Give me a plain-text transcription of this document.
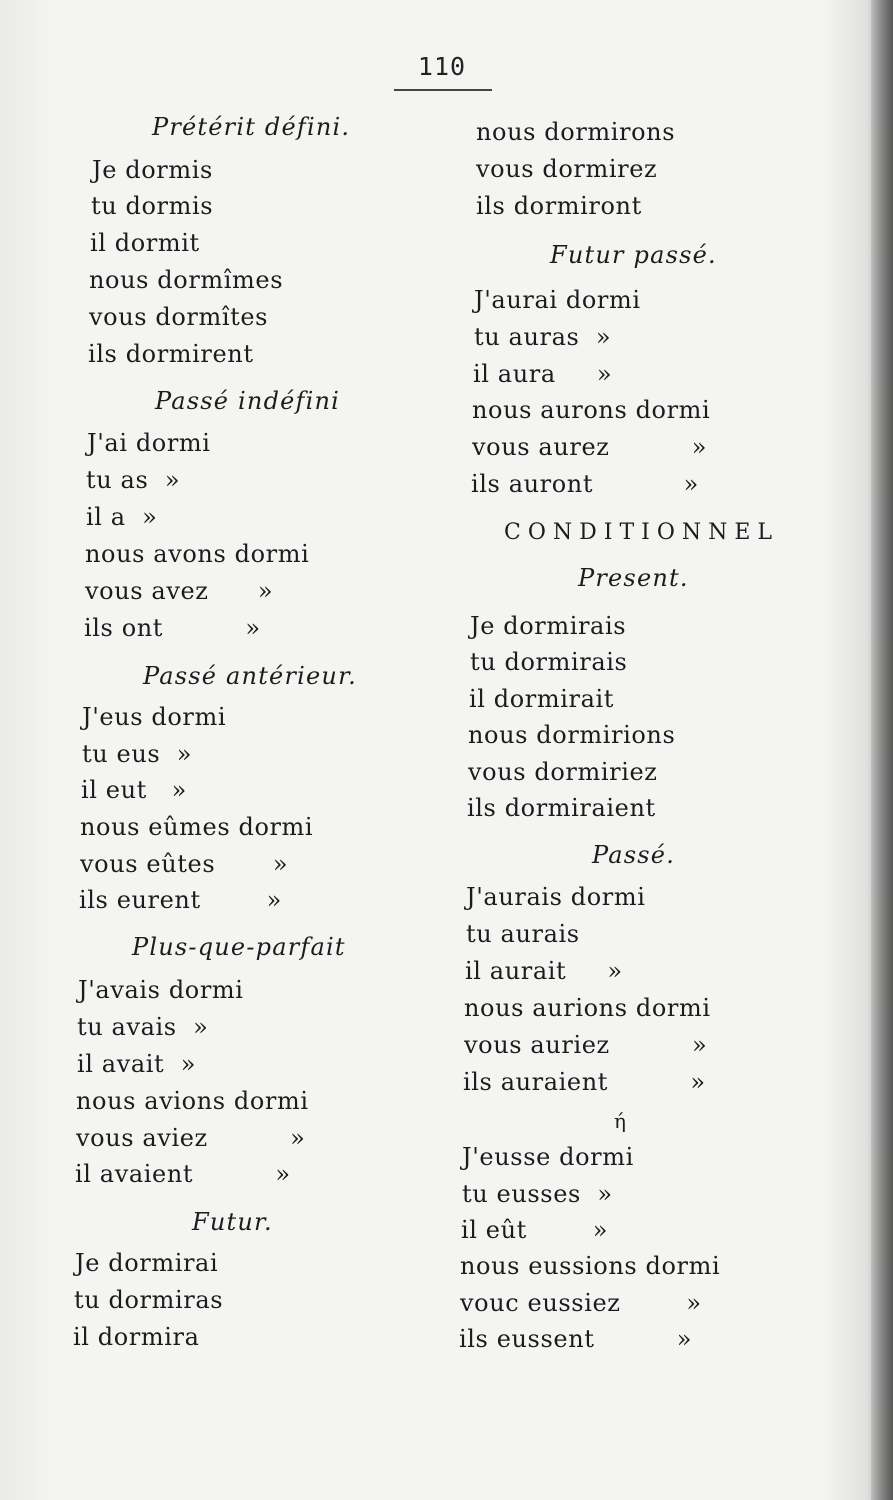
110
Prétérit défini.
Je dormis
tu dormis
il dormit
nous dormîmes
vous dormîtes
ils dormirent
Passé indéfini
J'ai dormi
tu as  »
il a  »
nous avons dormi
vous avez      »
ils ont          »
Passé antérieur.
J'eus dormi
tu eus  »
il eut   »
nous eûmes dormi
vous eûtes       »
ils eurent        »
Plus-que-parfait
J'avais dormi
tu avais  »
il avait  »
nous avions dormi
vous aviez          »
il avaient          »
Futur.
Je dormirai
tu dormiras
il dormira
nous dormirons
vous dormirez
ils dormiront
Futur passé.
J'aurai dormi
tu auras  »
il aura     »
nous aurons dormi
vous aurez          »
ils auront           »
CONDITIONNEL
Present.
Je dormirais
tu dormirais
il dormirait
nous dormirions
vous dormiriez
ils dormiraient
Passé.
J'aurais dormi
tu aurais
il aurait     »
nous aurions dormi
vous auriez          »
ils auraient          »
ή
J'eusse dormi
tu eusses  »
il eût        »
nous eussions dormi
vouc eussiez        »
ils eussent          »
